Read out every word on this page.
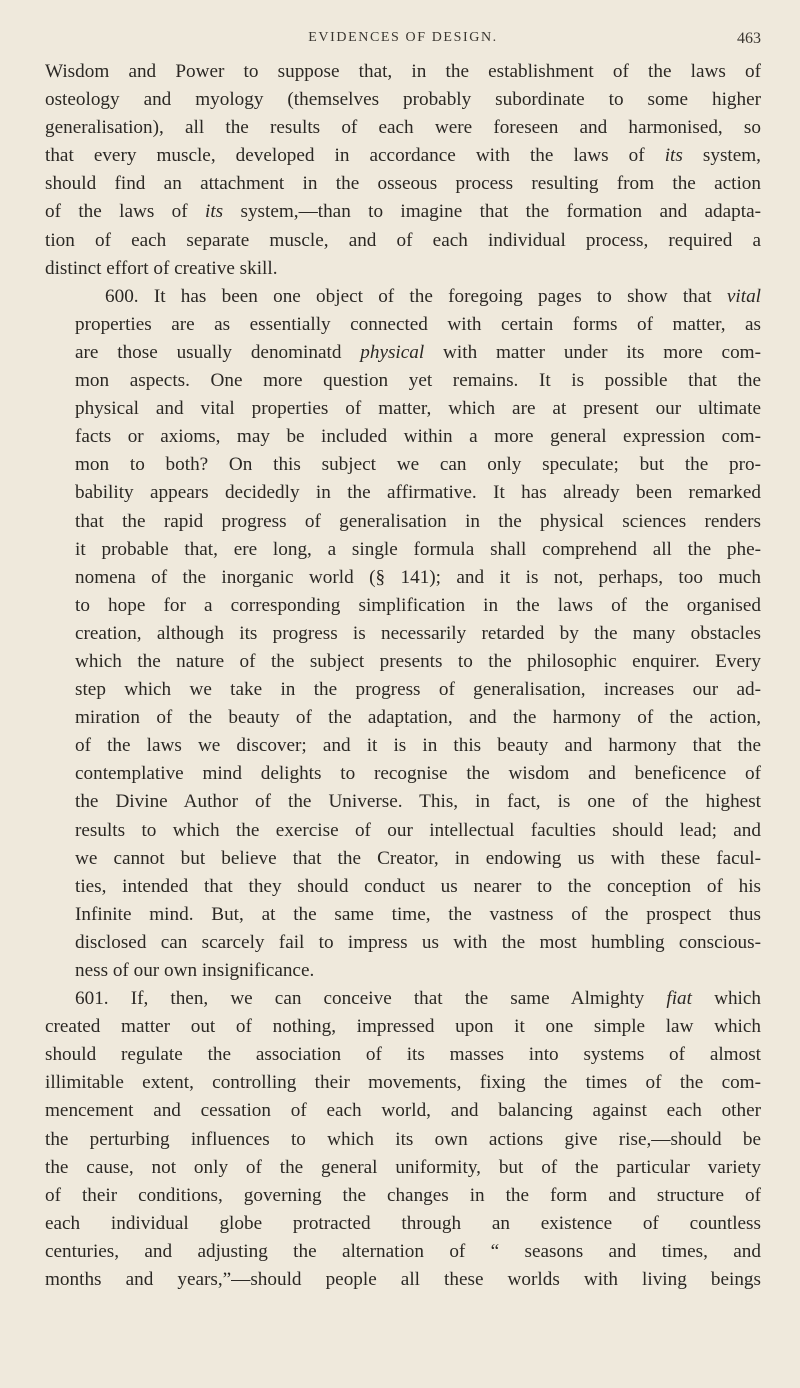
EVIDENCES OF DESIGN.	463

Wisdom and Power to suppose that, in the establishment of the laws of
osteology and myology (themselves probably subordinate to some higher
generalisation), all the results of each were foreseen and harmonised, so
that every muscle, developed in accordance with the laws of its system,
should find an attachment in the osseous process resulting from the action
of the laws of its system,—than to imagine that the formation and adapta-
tion of each separate muscle, and of each individual process, required a
distinct effort of creative skill.

600. It has been one object of the foregoing pages to show that vital
properties are as essentially connected with certain forms of matter, as
are those usually denominatd physical with matter under its more com-
mon aspects. One more question yet remains. It is possible that the
physical and vital properties of matter, which are at present our ultimate
facts or axioms, may be included within a more general expression com-
mon to both? On this subject we can only speculate; but the pro-
bability appears decidedly in the affirmative. It has already been remarked
that the rapid progress of generalisation in the physical sciences renders
it probable that, ere long, a single formula shall comprehend all the phe-
nomena of the inorganic world (§ 141); and it is not, perhaps, too much
to hope for a corresponding simplification in the laws of the organised
creation, although its progress is necessarily retarded by the many obstacles
which the nature of the subject presents to the philosophic enquirer. Every
step which we take in the progress of generalisation, increases our ad-
miration of the beauty of the adaptation, and the harmony of the action,
of the laws we discover; and it is in this beauty and harmony that the
contemplative mind delights to recognise the wisdom and beneficence of
the Divine Author of the Universe. This, in fact, is one of the highest
results to which the exercise of our intellectual faculties should lead; and
we cannot but believe that the Creator, in endowing us with these facul-
ties, intended that they should conduct us nearer to the conception of his
Infinite mind. But, at the same time, the vastness of the prospect thus
disclosed can scarcely fail to impress us with the most humbling conscious-
ness of our own insignificance.

601. If, then, we can conceive that the same Almighty fiat which
created matter out of nothing, impressed upon it one simple law which
should regulate the association of its masses into systems of almost
illimitable extent, controlling their movements, fixing the times of the com-
mencement and cessation of each world, and balancing against each other
the perturbing influences to which its own actions give rise,—should be
the cause, not only of the general uniformity, but of the particular variety
of their conditions, governing the changes in the form and structure of
each individual globe protracted through an existence of countless
centuries, and adjusting the alternation of “ seasons and times, and
months and years,”—should people all these worlds with living beings
